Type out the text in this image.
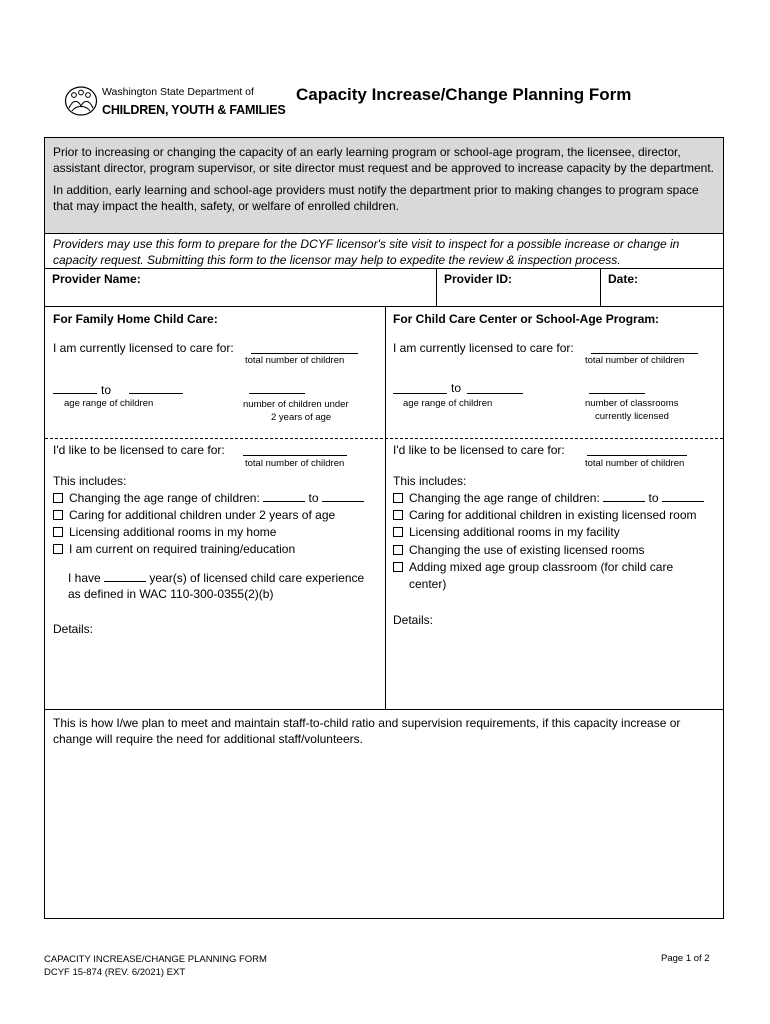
Washington State Department of
CHILDREN, YOUTH & FAMILIES
Capacity Increase/Change Planning Form

Prior to increasing or changing the capacity of an early learning program or school-age program, the licensee, director, assistant director, program supervisor, or site director must request and be approved to increase capacity by the department.

In addition, early learning and school-age providers must notify the department prior to making changes to program space that may impact the health, safety, or welfare of enrolled children.

Providers may use this form to prepare for the DCYF licensor's site visit to inspect for a possible increase or change in capacity request. Submitting this form to the licensor may help to expedite the review & inspection process.
Provider Name:	Provider ID:	Date:
For Family Home Child Care:
I am currently licensed to care for:
total number of children
to
age range of children	number of children under
2 years of age
I'd like to be licensed to care for:
total number of children
This includes:
Changing the age range of children:	to
Caring for additional children under 2 years of age
Licensing additional rooms in my home
I am current on required training/education
I have	year(s) of licensed child care experience
as defined in WAC 110-300-0355(2)(b)
Details:
For Child Care Center or School-Age Program:
I am currently licensed to care for:
total number of children
to
age range of children	number of classrooms
currently licensed
I'd like to be licensed to care for:
total number of children
This includes:
Changing the age range of children:	to
Caring for additional children in existing licensed room
Licensing additional rooms in my facility
Changing the use of existing licensed rooms
Adding mixed age group classroom (for child care
center)
Details:
This is how I/we plan to meet and maintain staff-to-child ratio and supervision requirements, if this capacity increase or change will require the need for additional staff/volunteers.
CAPACITY INCREASE/CHANGE PLANNING FORM
DCYF 15-874 (REV. 6/2021) EXT
Page 1 of 2
